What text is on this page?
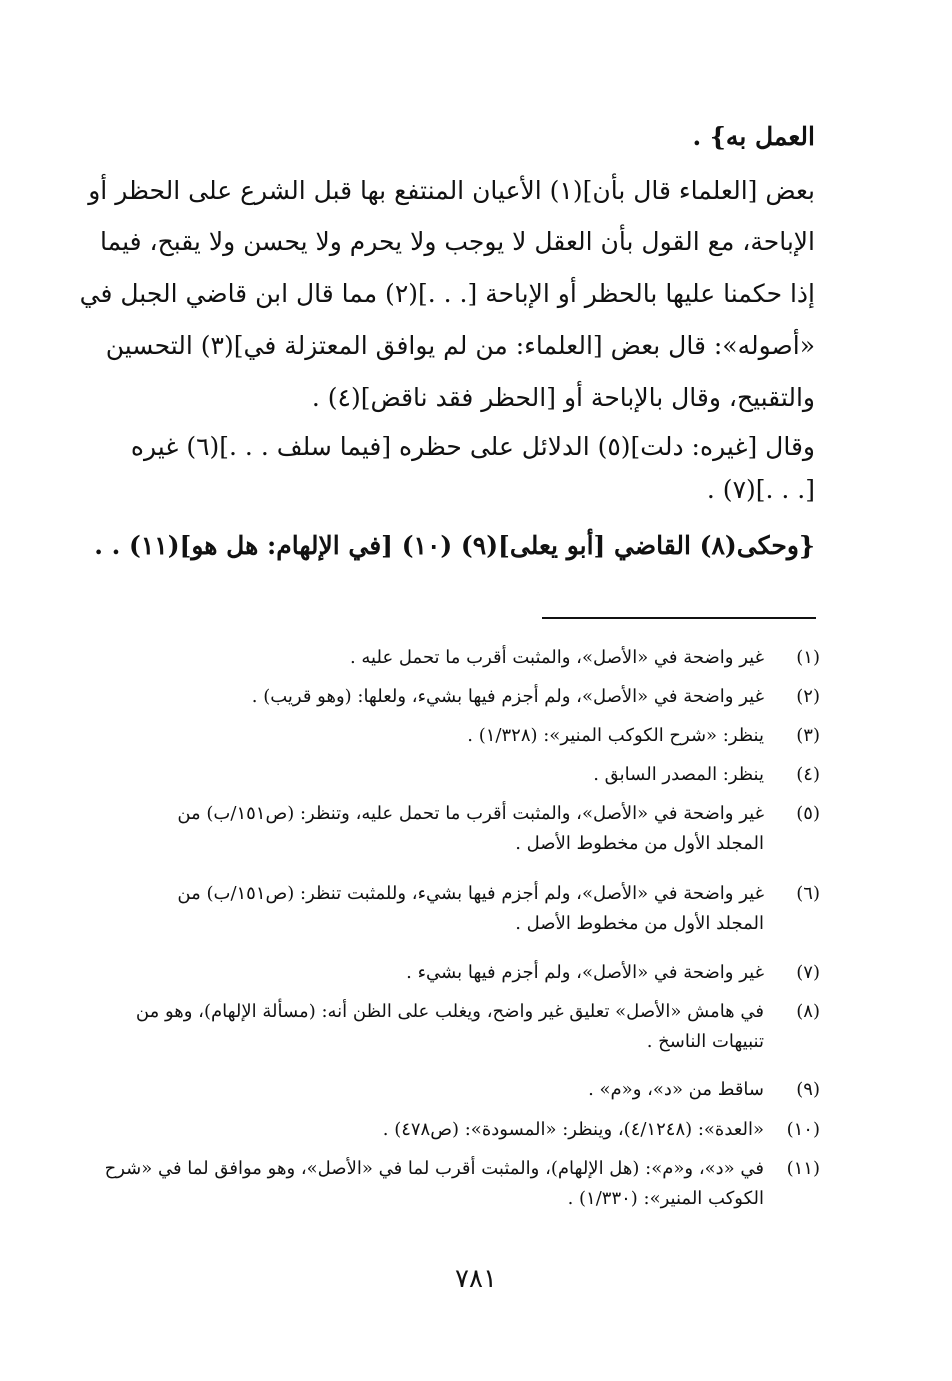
العمل به} .
بعض [العلماء قال بأن](١) الأعيان المنتفع بها قبل الشرع على الحظر أو
الإباحة، مع القول بأن العقل لا يوجب ولا يحرم ولا يحسن ولا يقبح، فيما
إذا حكمنا عليها بالحظر أو الإباحة [. . .](٢) مما قال ابن قاضي الجبل في
«أصوله»: قال بعض [العلماء: من لم يوافق المعتزلة في](٣) التحسين
والتقبيح، وقال بالإباحة أو [الحظر فقد ناقض](٤) .
وقال [غيره: دلت](٥) الدلائل على حظره [فيما سلف . . .](٦) غيره
[. . .](٧) .
{وحكى(٨) القاضي [أبو يعلى](٩) (١٠) [في الإلهام: هل هو](١١) . .
(١)
غير واضحة في «الأصل»، والمثبت أقرب ما تحمل عليه .
(٢)
غير واضحة في «الأصل»، ولم أجزم فيها بشيء، ولعلها: (وهو قريب) .
(٣)
ينظر: «شرح الكوكب المنير»: (١/٣٢٨) .
(٤)
ينظر: المصدر السابق .
(٥)
غير واضحة في «الأصل»، والمثبت أقرب ما تحمل عليه، وتنظر: (ص١٥١/ب) من
المجلد الأول من مخطوط الأصل .
(٦)
غير واضحة في «الأصل»، ولم أجزم فيها بشيء، وللمثبت تنظر: (ص١٥١/ب) من
المجلد الأول من مخطوط الأصل .
(٧)
غير واضحة في «الأصل»، ولم أجزم فيها بشيء .
(٨)
في هامش «الأصل» تعليق غير واضح، ويغلب على الظن أنه: (مسألة الإلهام)، وهو من
تنبيهات الناسخ .
(٩)
ساقط من «د»، و«م» .
(١٠)
«العدة»: (٤/١٢٤٨)، وينظر: «المسودة»: (ص٤٧٨) .
(١١)
في «د»، و«م»: (هل الإلهام)، والمثبت أقرب لما في «الأصل»، وهو موافق لما في «شرح
الكوكب المنير»: (١/٣٣٠) .
٧٨١
